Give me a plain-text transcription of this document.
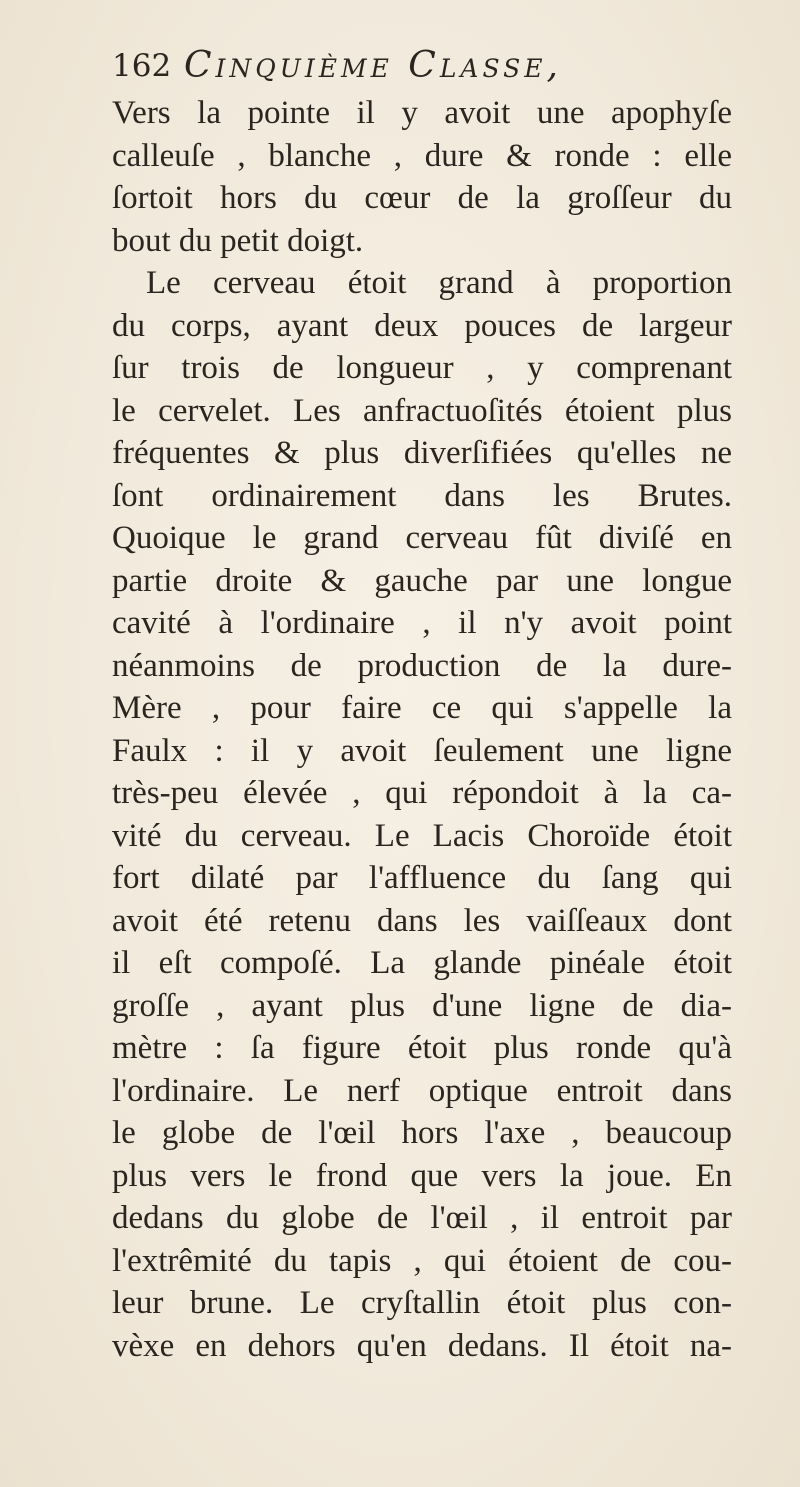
162 Cinquième Classe,
Vers la pointe il y avoit une apophyſe
calleuſe , blanche , dure & ronde : elle
ſortoit hors du cœur de la groſſeur du
bout du petit doigt.
Le cerveau étoit grand à proportion
du corps, ayant deux pouces de largeur
ſur trois de longueur , y comprenant
le cervelet. Les anfractuoſités étoient plus
fréquentes & plus diverſifiées qu'elles ne
ſont ordinairement dans les Brutes.
Quoique le grand cerveau fût diviſé en
partie droite & gauche par une longue
cavité à l'ordinaire , il n'y avoit point
néanmoins de production de la dure-
Mère , pour faire ce qui s'appelle la
Faulx : il y avoit ſeulement une ligne
très-peu élevée , qui répondoit à la ca-
vité du cerveau. Le Lacis Choroïde étoit
fort dilaté par l'affluence du ſang qui
avoit été retenu dans les vaiſſeaux dont
il eſt compoſé. La glande pinéale étoit
groſſe , ayant plus d'une ligne de dia-
mètre : ſa figure étoit plus ronde qu'à
l'ordinaire. Le nerf optique entroit dans
le globe de l'œil hors l'axe , beaucoup
plus vers le frond que vers la joue. En
dedans du globe de l'œil , il entroit par
l'extrêmité du tapis , qui étoient de cou-
leur brune. Le cryſtallin étoit plus con-
vèxe en dehors qu'en dedans. Il étoit na-
